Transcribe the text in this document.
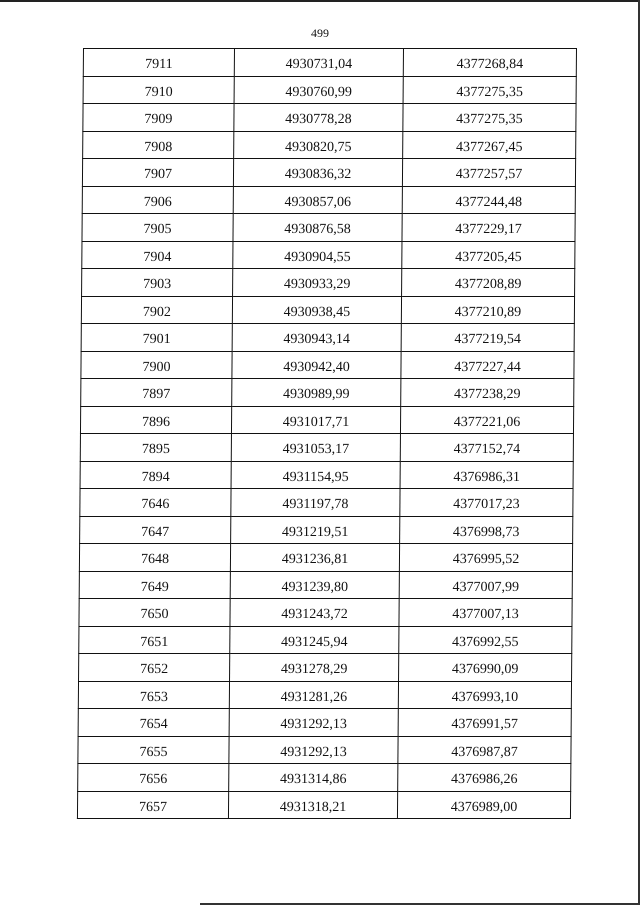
499
7911	4930731,04	4377268,84
7910	4930760,99	4377275,35
7909	4930778,28	4377275,35
7908	4930820,75	4377267,45
7907	4930836,32	4377257,57
7906	4930857,06	4377244,48
7905	4930876,58	4377229,17
7904	4930904,55	4377205,45
7903	4930933,29	4377208,89
7902	4930938,45	4377210,89
7901	4930943,14	4377219,54
7900	4930942,40	4377227,44
7897	4930989,99	4377238,29
7896	4931017,71	4377221,06
7895	4931053,17	4377152,74
7894	4931154,95	4376986,31
7646	4931197,78	4377017,23
7647	4931219,51	4376998,73
7648	4931236,81	4376995,52
7649	4931239,80	4377007,99
7650	4931243,72	4377007,13
7651	4931245,94	4376992,55
7652	4931278,29	4376990,09
7653	4931281,26	4376993,10
7654	4931292,13	4376991,57
7655	4931292,13	4376987,87
7656	4931314,86	4376986,26
7657	4931318,21	4376989,00
